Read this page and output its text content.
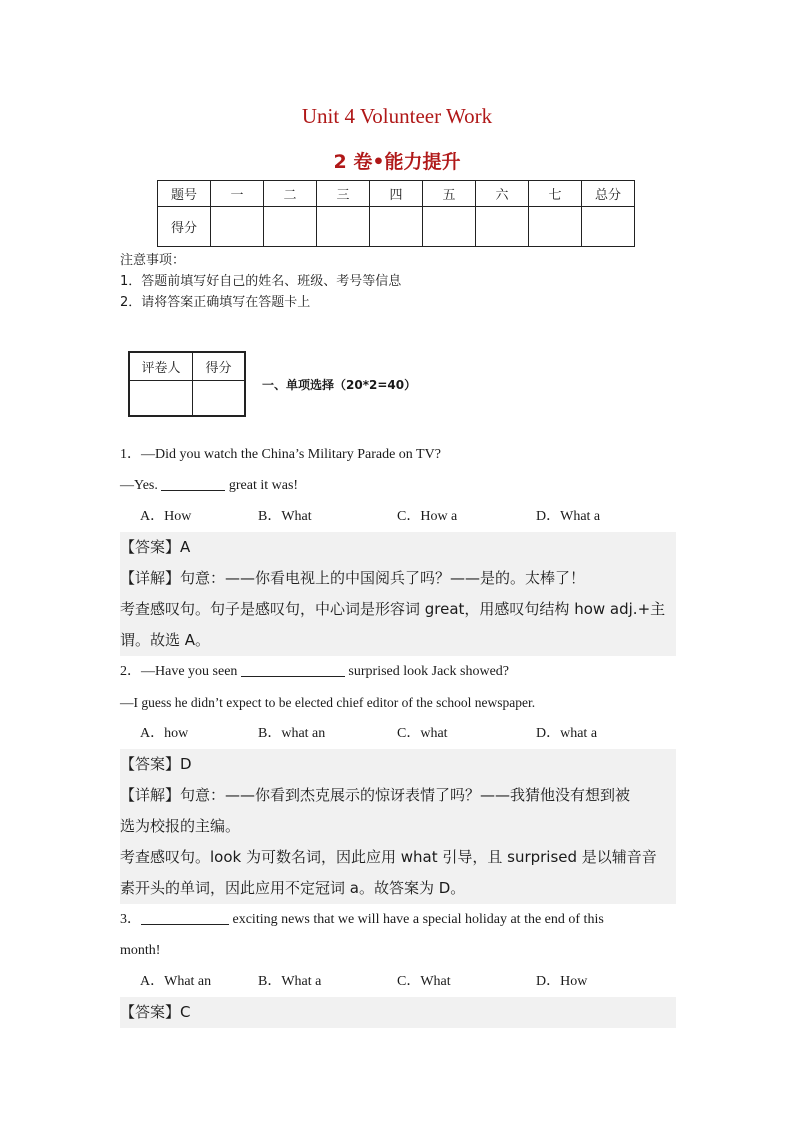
Unit 4 Volunteer Work
2 卷•能力提升
题号	一	二	三	四	五	六	七	总分
得分								
注意事项：
1．答题前填写好自己的姓名、班级、考号等信息
2．请将答案正确填写在答题卡上
评卷人	得分

一、单项选择（20*2=40）
1．—Did you watch the China’s Military Parade on TV?
—Yes.	great it was!
A．How	B．What	C．How a	D．What a
【答案】A
【详解】句意：——你看电视上的中国阅兵了吗？——是的。太棒了！
考查感叹句。句子是感叹句，中心词是形容词 great，用感叹句结构 how adj.+主
谓。故选 A。
2．—Have you seen	surprised look Jack showed?
—I guess he didn’t expect to be elected chief editor of the school newspaper.
A．how	B．what an	C．what	D．what a
【答案】D
【详解】句意：——你看到杰克展示的惊讶表情了吗？——我猜他没有想到被
选为校报的主编。
考查感叹句。look 为可数名词，因此应用 what 引导，且 surprised 是以辅音音
素开头的单词，因此应用不定冠词 a。故答案为 D。
3．	exciting news that we will have a special holiday at the end of this
month!
A．What an	B．What a	C．What	D．How
【答案】C
